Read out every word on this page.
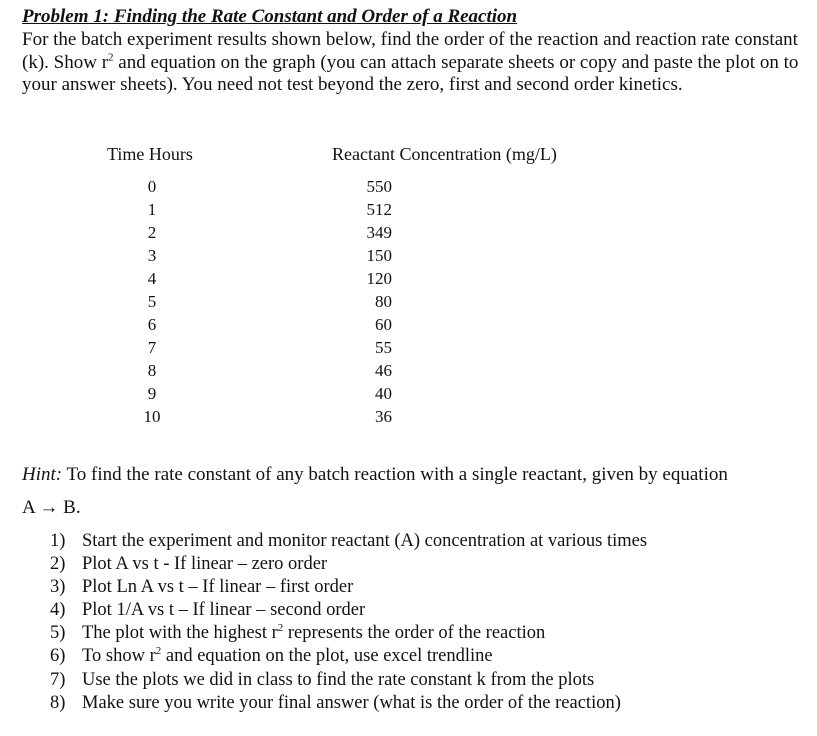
Problem 1: Finding the Rate Constant and Order of a Reaction
For the batch experiment results shown below, find the order of the reaction and reaction rate constant (k). Show $r^2$ and equation on the graph (you can attach separate sheets or copy and paste the plot on to your answer sheets). You need not test beyond the zero, first and second order kinetics.
Time Hours	Reactant Concentration (mg/L)
0
1
2
3
4
5
6
7
8
9
10
550
512
349
150
120
80
60
55
46
40
36
Hint: To find the rate constant of any batch reaction with a single reactant, given by equation
A → B.
1) Start the experiment and monitor reactant (A) concentration at various times
2) Plot A vs t - If linear – zero order
3) Plot Ln A vs t – If linear – first order
4) Plot 1/A vs t – If linear – second order
5) The plot with the highest $r^2$ represents the order of the reaction
6) To show $r^2$ and equation on the plot, use excel trendline
7) Use the plots we did in class to find the rate constant k from the plots
8) Make sure you write your final answer (what is the order of the reaction)
